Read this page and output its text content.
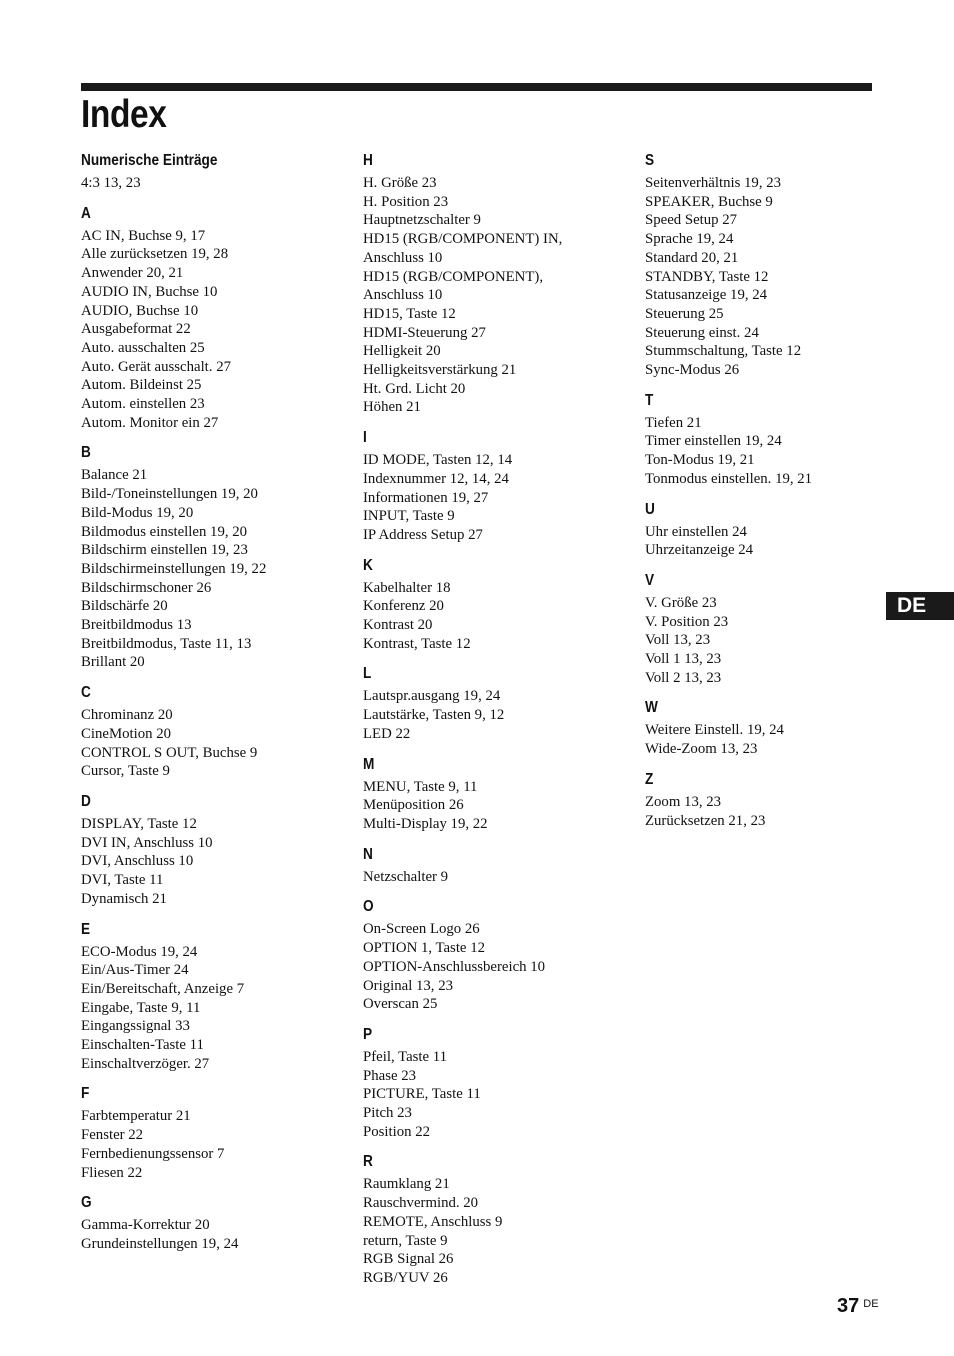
Index
Numerische Einträge
4:3 13, 23
A
AC IN, Buchse 9, 17
Alle zurücksetzen 19, 28
Anwender 20, 21
AUDIO IN, Buchse 10
AUDIO, Buchse 10
Ausgabeformat 22
Auto. ausschalten 25
Auto. Gerät ausschalt. 27
Autom. Bildeinst 25
Autom. einstellen 23
Autom. Monitor ein 27
B
Balance 21
Bild-/Toneinstellungen 19, 20
Bild-Modus 19, 20
Bildmodus einstellen 19, 20
Bildschirm einstellen 19, 23
Bildschirmeinstellungen 19, 22
Bildschirmschoner 26
Bildschärfe 20
Breitbildmodus 13
Breitbildmodus, Taste 11, 13
Brillant 20
C
Chrominanz 20
CineMotion 20
CONTROL S OUT, Buchse 9
Cursor, Taste 9
D
DISPLAY, Taste 12
DVI IN, Anschluss 10
DVI, Anschluss 10
DVI, Taste 11
Dynamisch 21
E
ECO-Modus 19, 24
Ein/Aus-Timer 24
Ein/Bereitschaft, Anzeige 7
Eingabe, Taste 9, 11
Eingangssignal 33
Einschalten-Taste 11
Einschaltverzöger. 27
F
Farbtemperatur 21
Fenster 22
Fernbedienungssensor 7
Fliesen 22
G
Gamma-Korrektur 20
Grundeinstellungen 19, 24
H
H. Größe 23
H. Position 23
Hauptnetzschalter 9
HD15 (RGB/COMPONENT) IN,
Anschluss 10
HD15 (RGB/COMPONENT),
Anschluss 10
HD15, Taste 12
HDMI-Steuerung 27
Helligkeit 20
Helligkeitsverstärkung 21
Ht. Grd. Licht 20
Höhen 21
I
ID MODE, Tasten 12, 14
Indexnummer 12, 14, 24
Informationen 19, 27
INPUT, Taste 9
IP Address Setup 27
K
Kabelhalter 18
Konferenz 20
Kontrast 20
Kontrast, Taste 12
L
Lautspr.ausgang 19, 24
Lautstärke, Tasten 9, 12
LED 22
M
MENU, Taste 9, 11
Menüposition 26
Multi-Display 19, 22
N
Netzschalter 9
O
On-Screen Logo 26
OPTION 1, Taste 12
OPTION-Anschlussbereich 10
Original 13, 23
Overscan 25
P
Pfeil, Taste 11
Phase 23
PICTURE, Taste 11
Pitch 23
Position 22
R
Raumklang 21
Rauschvermind. 20
REMOTE, Anschluss 9
return, Taste 9
RGB Signal 26
RGB/YUV 26
S
Seitenverhältnis 19, 23
SPEAKER, Buchse 9
Speed Setup 27
Sprache 19, 24
Standard 20, 21
STANDBY, Taste 12
Statusanzeige 19, 24
Steuerung 25
Steuerung einst. 24
Stummschaltung, Taste 12
Sync-Modus 26
T
Tiefen 21
Timer einstellen 19, 24
Ton-Modus 19, 21
Tonmodus einstellen. 19, 21
U
Uhr einstellen 24
Uhrzeitanzeige 24
V
V. Größe 23
V. Position 23
Voll 13, 23
Voll 1 13, 23
Voll 2 13, 23
W
Weitere Einstell. 19, 24
Wide-Zoom 13, 23
Z
Zoom 13, 23
Zurücksetzen 21, 23
DE
37 $^{DE}$
